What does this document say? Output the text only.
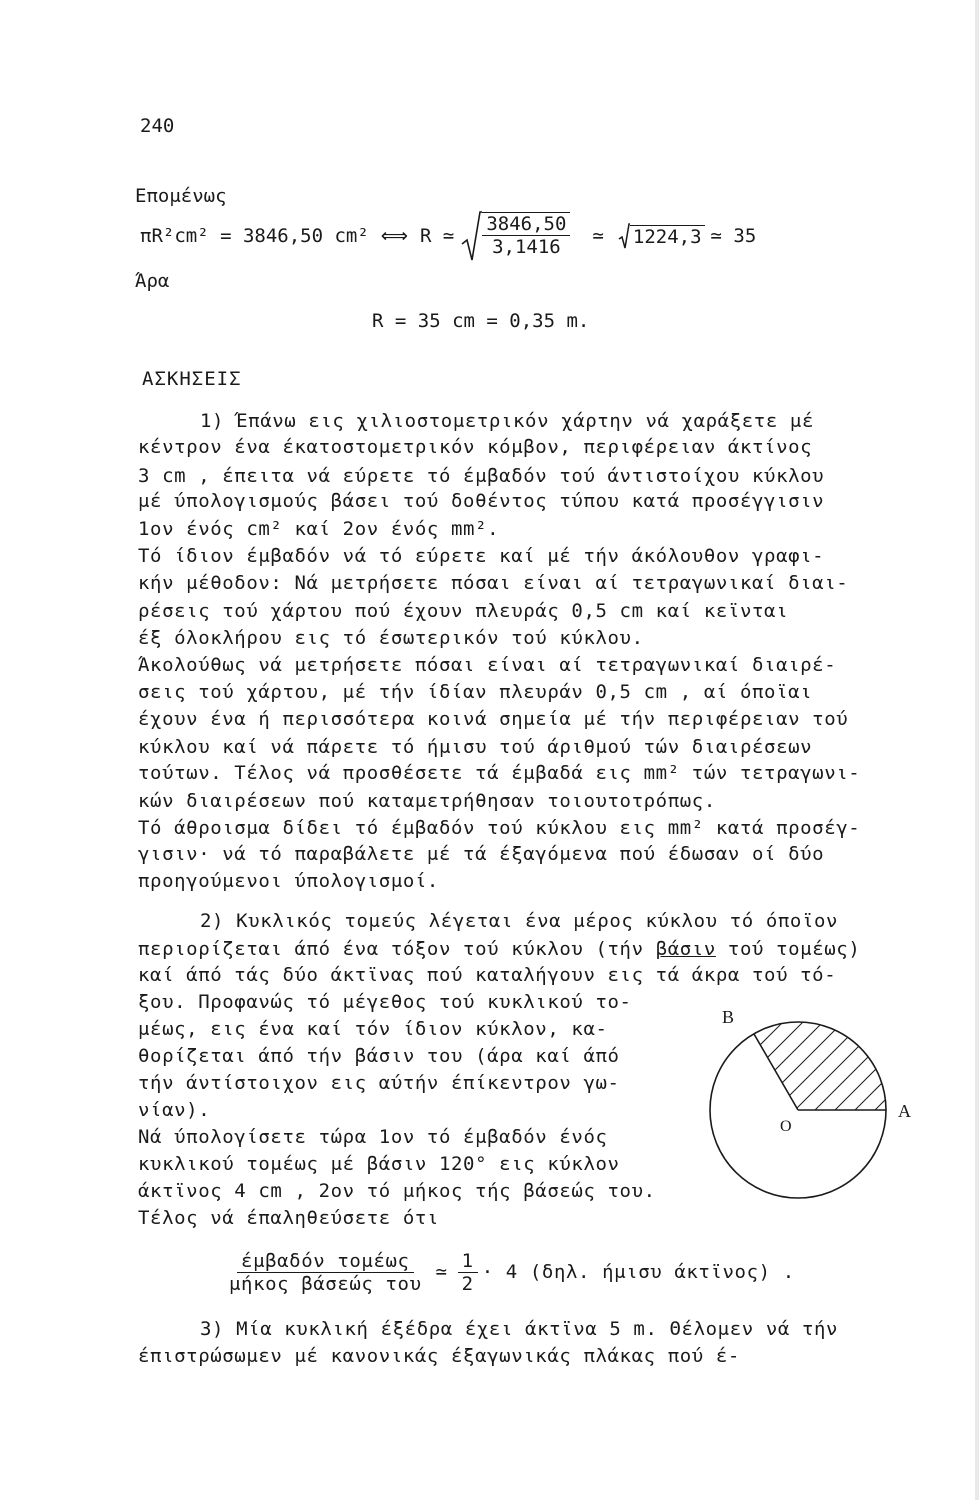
240
Επομένως
πR²cm² = 3846,50 cm² ⟺ R ≃ $\frac{3846,50}{3,1416}$ ≃ 1224,3 ≃ 35
Άρα
R = 35 cm = 0,35 m.
ΑΣΚΗΣΕΙΣ
1) Έπάνω εις χιλιοστομετρικόν χάρτην νά χαράξετε μέ
κέντρον ένα έκατοστομετρικόν κόμβον, περιφέρειαν άκτίνος
3 cm , έπειτα νά εύρετε τό έμβαδόν τού άντιστοίχου κύκλου
μέ ύπολογισμούς βάσει τού δοθέντος τύπου κατά προσέγγισιν
1ον ένός cm² καί 2ον ένός mm².
Τό ίδιον έμβαδόν νά τό εύρετε καί μέ τήν άκόλουθον γραφι-
κήν μέθοδον: Νά μετρήσετε πόσαι είναι αί τετραγωνικαί διαι-
ρέσεις τού χάρτου πού έχουν πλευράς 0,5 cm καί κεϊνται
έξ όλοκλήρου εις τό έσωτερικόν τού κύκλου.
Άκολούθως νά μετρήσετε πόσαι είναι αί τετραγωνικαί διαιρέ-
σεις τού χάρτου, μέ τήν ίδίαν πλευράν 0,5 cm , αί όποϊαι
έχουν ένα ή περισσότερα κοινά σημεία μέ τήν περιφέρειαν τού
κύκλου καί νά πάρετε τό ήμισυ τού άριθμού τών διαιρέσεων
τούτων. Τέλος νά προσθέσετε τά έμβαδά εις mm² τών τετραγωνι-
κών διαιρέσεων πού καταμετρήθησαν τοιουτοτρόπως.
Τό άθροισμα δίδει τό έμβαδόν τού κύκλου εις mm² κατά προσέγ-
γισιν· νά τό παραβάλετε μέ τά έξαγόμενα πού έδωσαν οί δύο
προηγούμενοι ύπολογισμοί.
2) Κυκλικός τομεύς λέγεται ένα μέρος κύκλου τό όποϊον
περιορίζεται άπό ένα τόξον τού κύκλου (τήν βάσιν τού τομέως)
καί άπό τάς δύο άκτϊνας πού καταλήγουν εις τά άκρα τού τό-
ξου. Προφανώς τό μέγεθος τού κυκλικού το-
μέως, εις ένα καί τόν ίδιον κύκλον, κα-
θορίζεται άπό τήν βάσιν του (άρα καί άπό
τήν άντίστοιχον εις αύτήν έπίκεντρον γω-
νίαν).
Νά ύπολογίσετε τώρα 1ον τό έμβαδόν ένός
κυκλικού τομέως μέ βάσιν 120° εις κύκλον
άκτϊνος 4 cm , 2ον τό μήκος τής βάσεώς του.
Τέλος νά έπαληθεύσετε ότι
B
A
O
$\frac{\text{έμβαδόν τομέως}}{\text{μήκος βάσεώς του}}$ ≃ $\frac{1}{2} \cdot 4$ (δηλ. ήμισυ άκτϊνος) .
3) Μία κυκλική έξέδρα έχει άκτϊνα 5 m. Θέλομεν νά τήν
έπιστρώσωμεν μέ κανονικάς έξαγωνικάς πλάκας πού έ-
